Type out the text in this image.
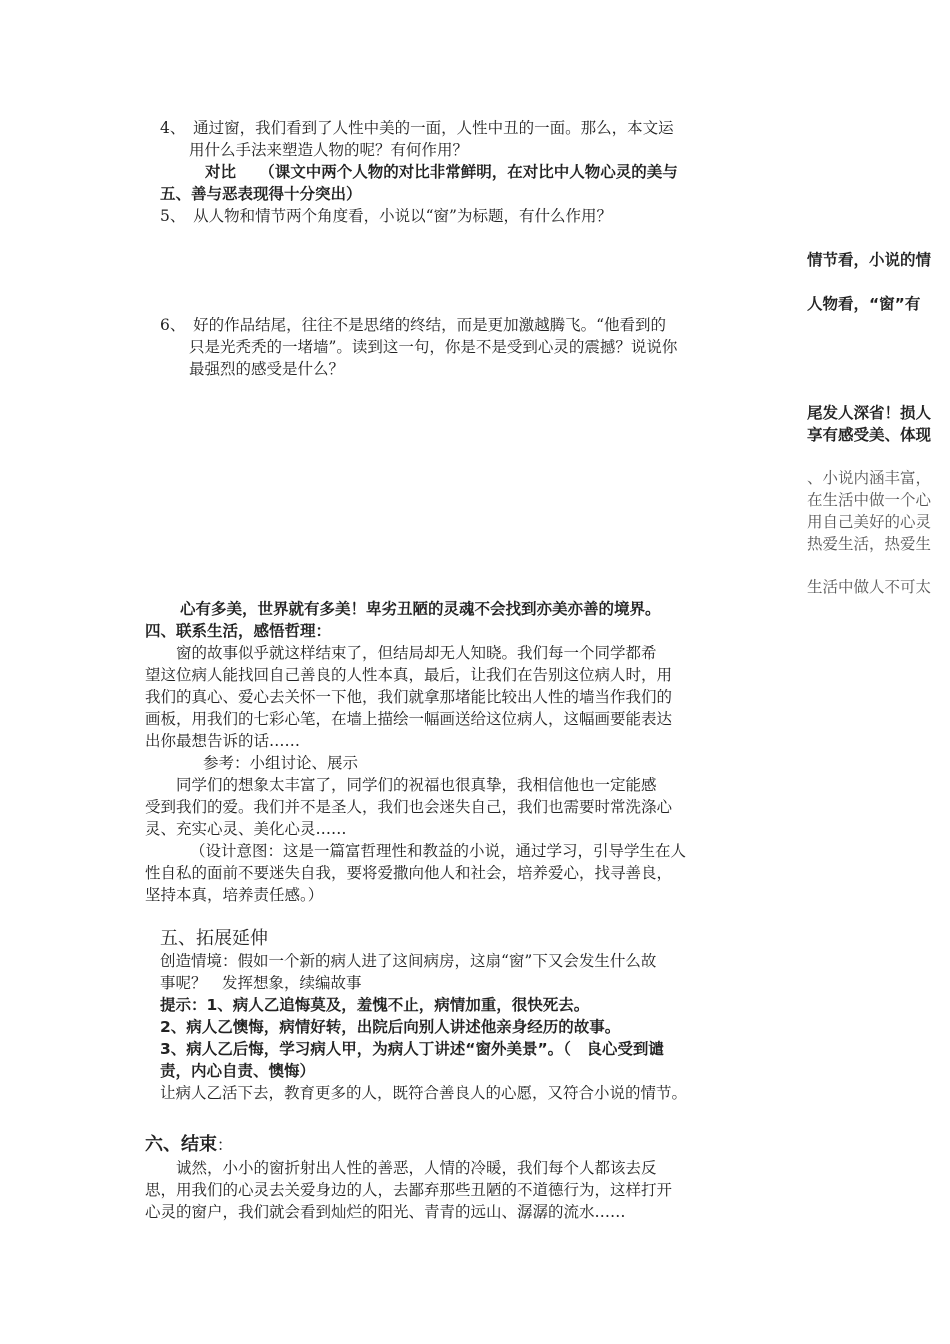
4、　通过窗，我们看到了人性中美的一面，人性中丑的一面。那么，本文运

用什么手法来塑造人物的呢？有何作用？

对比　　（课文中两个人物的对比非常鲜明，在对比中人物心灵的美与

五、善与恶表现得十分突出）

5、　从人物和情节两个角度看，小说以“窗”为标题，有什么作用？

6、　好的作品结尾，往往不是思绪的终结，而是更加激越腾飞。“他看到的

只是光秃秃的一堵墙”。读到这一句，你是不是受到心灵的震撼？说说你

最强烈的感受是什么？

情节看，小说的情

人物看，“窗”有

尾发人深省！损人

享有感受美、体现

、小说内涵丰富，

在生活中做一个心

用自己美好的心灵

热爱生活，热爱生

生活中做人不可太

心有多美，世界就有多美！卑劣丑陋的灵魂不会找到亦美亦善的境界。

四、联系生活，感悟哲理：

　　窗的故事似乎就这样结束了，但结局却无人知晓。我们每一个同学都希

望这位病人能找回自己善良的人性本真，最后，让我们在告别这位病人时，用

我们的真心、爱心去关怀一下他，我们就拿那堵能比较出人性的墙当作我们的

画板，用我们的七彩心笔，在墙上描绘一幅画送给这位病人，这幅画要能表达

出你最想告诉的话……

参考：小组讨论、展示

　　同学们的想象太丰富了，同学们的祝福也很真挚，我相信他也一定能感

受到我们的爱。我们并不是圣人，我们也会迷失自己，我们也需要时常洗涤心

灵、充实心灵、美化心灵……

（设计意图：这是一篇富哲理性和教益的小说，通过学习，引导学生在人

性自私的面前不要迷失自我，要将爱撒向他人和社会，培养爱心，找寻善良，

坚持本真，培养责任感。）

五、拓展延伸

创造情境：假如一个新的病人进了这间病房，这扇“窗”下又会发生什么故

事呢？　发挥想象，续编故事

提示：1、病人乙追悔莫及，羞愧不止，病情加重，很快死去。

2、病人乙懊悔，病情好转，出院后向别人讲述他亲身经历的故事。

3、病人乙后悔，学习病人甲，为病人丁讲述“窗外美景”。（　良心受到谴

责，内心自责、懊悔）

让病人乙活下去，教育更多的人，既符合善良人的心愿，又符合小说的情节。

六、结束：

　　诚然，小小的窗折射出人性的善恶，人情的冷暖，我们每个人都该去反

思，用我们的心灵去关爱身边的人，去鄙弃那些丑陋的不道德行为，这样打开

心灵的窗户，我们就会看到灿烂的阳光、青青的远山、潺潺的流水……
